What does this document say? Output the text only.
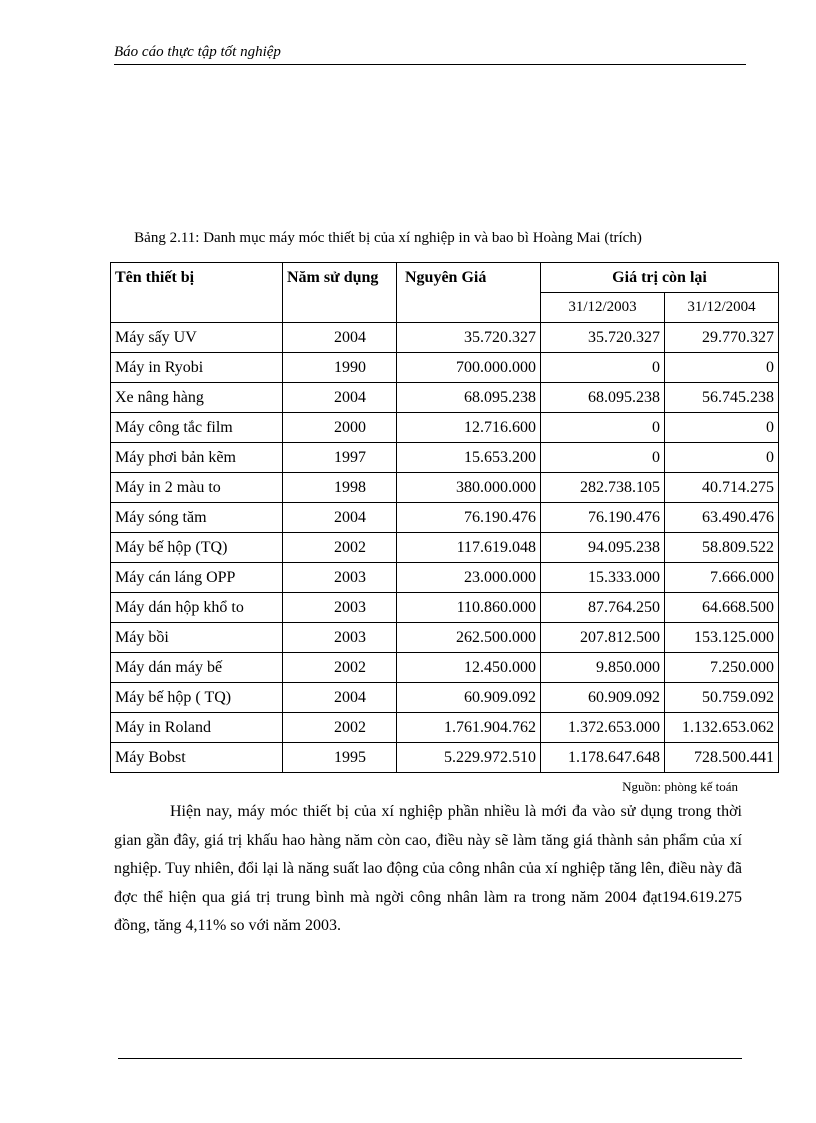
Báo cáo thực tập tốt nghiệp
Bảng 2.11: Danh mục máy móc thiết bị của xí nghiệp in và bao bì Hoàng Mai (trích)
Tên thiết bị	Năm sử dụng	Nguyên Giá	Giá trị còn lại	
			31/12/2003	31/12/2004
Máy sấy UV	2004	35.720.327	35.720.327	29.770.327
Máy in Ryobi	1990	700.000.000	0	0
Xe nâng hàng	2004	68.095.238	68.095.238	56.745.238
Máy công tắc film	2000	12.716.600	0	0
Máy phơi bản kẽm	1997	15.653.200	0	0
Máy in 2 màu to	1998	380.000.000	282.738.105	40.714.275
Máy sóng tăm	2004	76.190.476	76.190.476	63.490.476
Máy bế hộp (TQ)	2002	117.619.048	94.095.238	58.809.522
Máy cán láng OPP	2003	23.000.000	15.333.000	7.666.000
Máy dán hộp khổ to	2003	110.860.000	87.764.250	64.668.500
Máy bồi	2003	262.500.000	207.812.500	153.125.000
Máy dán máy bế	2002	12.450.000	9.850.000	7.250.000
Máy bế hộp ( TQ)	2004	60.909.092	60.909.092	50.759.092
Máy in Roland	2002	1.761.904.762	1.372.653.000	1.132.653.062
Máy Bobst	1995	5.229.972.510	1.178.647.648	728.500.441
Nguồn: phòng kế toán
Hiện nay, máy móc thiết bị của xí nghiệp phần nhiều là mới đa vào sử dụng trong thời gian gần đây, giá trị khấu hao hàng năm còn cao, điều này sẽ làm tăng giá thành sản phẩm của xí nghiệp. Tuy nhiên, đổi lại là năng suất lao động của công nhân của xí nghiệp tăng lên, điều này đã đợc thể hiện qua giá trị trung bình mà ngời công nhân làm ra trong năm 2004 đạt194.619.275 đồng, tăng 4,11% so với năm 2003.
